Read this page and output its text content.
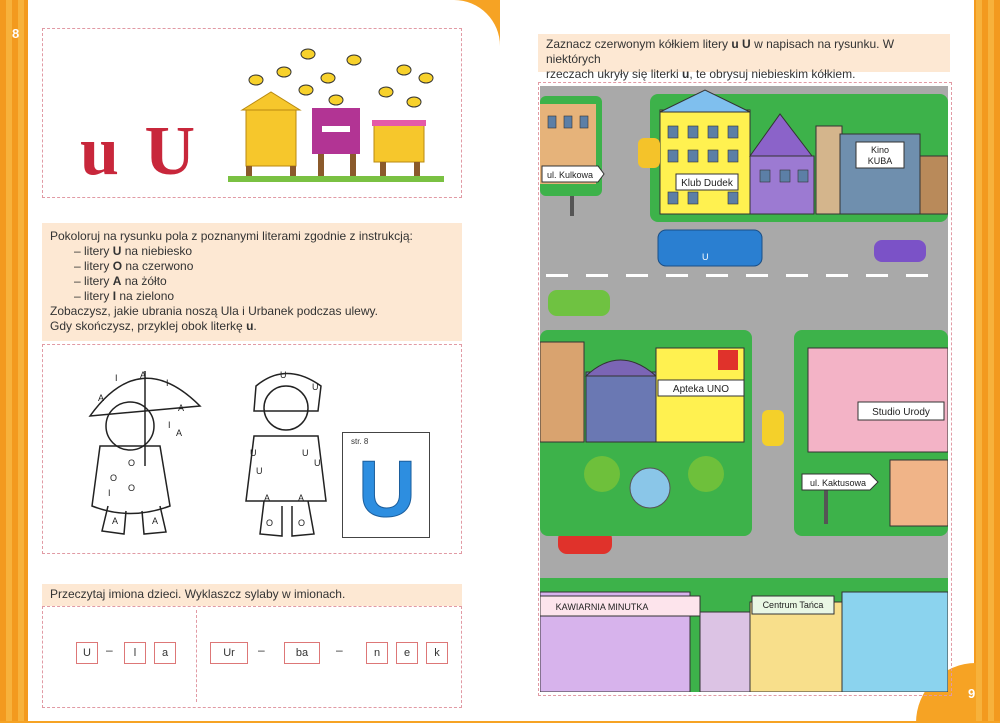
8
u U
Pokoloruj na rysunku pola z poznanymi literami zgodnie z instrukcją:
– litery U na niebiesko
– litery O na czerwono
– litery A na żółto
– litery I na zielono
Zobaczysz, jakie ubrania noszą Ula i Urbanek podczas ulewy.
Gdy skończysz, przyklej obok literkę u.
A
I A
I
A
I
A
O
I
O
O
A	A
U
U
U
U
U
U
A	A
O	O
str. 8
U
Przeczytaj imiona dzieci. Wyklaszcz sylaby w imionach.
U	–	l	a	Ur	–	ba	–	n	e	k
9
Zaznacz czerwonym kółkiem litery u U w napisach na rysunku. W niektórych
rzeczach ukryły się literki u, te obrysuj niebieskim kółkiem.
Klub Dudek
Kino
KUBA
ul. Kulkowa
U
Apteka UNO
Studio Urody
ul. Kaktusowa
KAWIARNIA MINUTKA	Centrum Tańca
